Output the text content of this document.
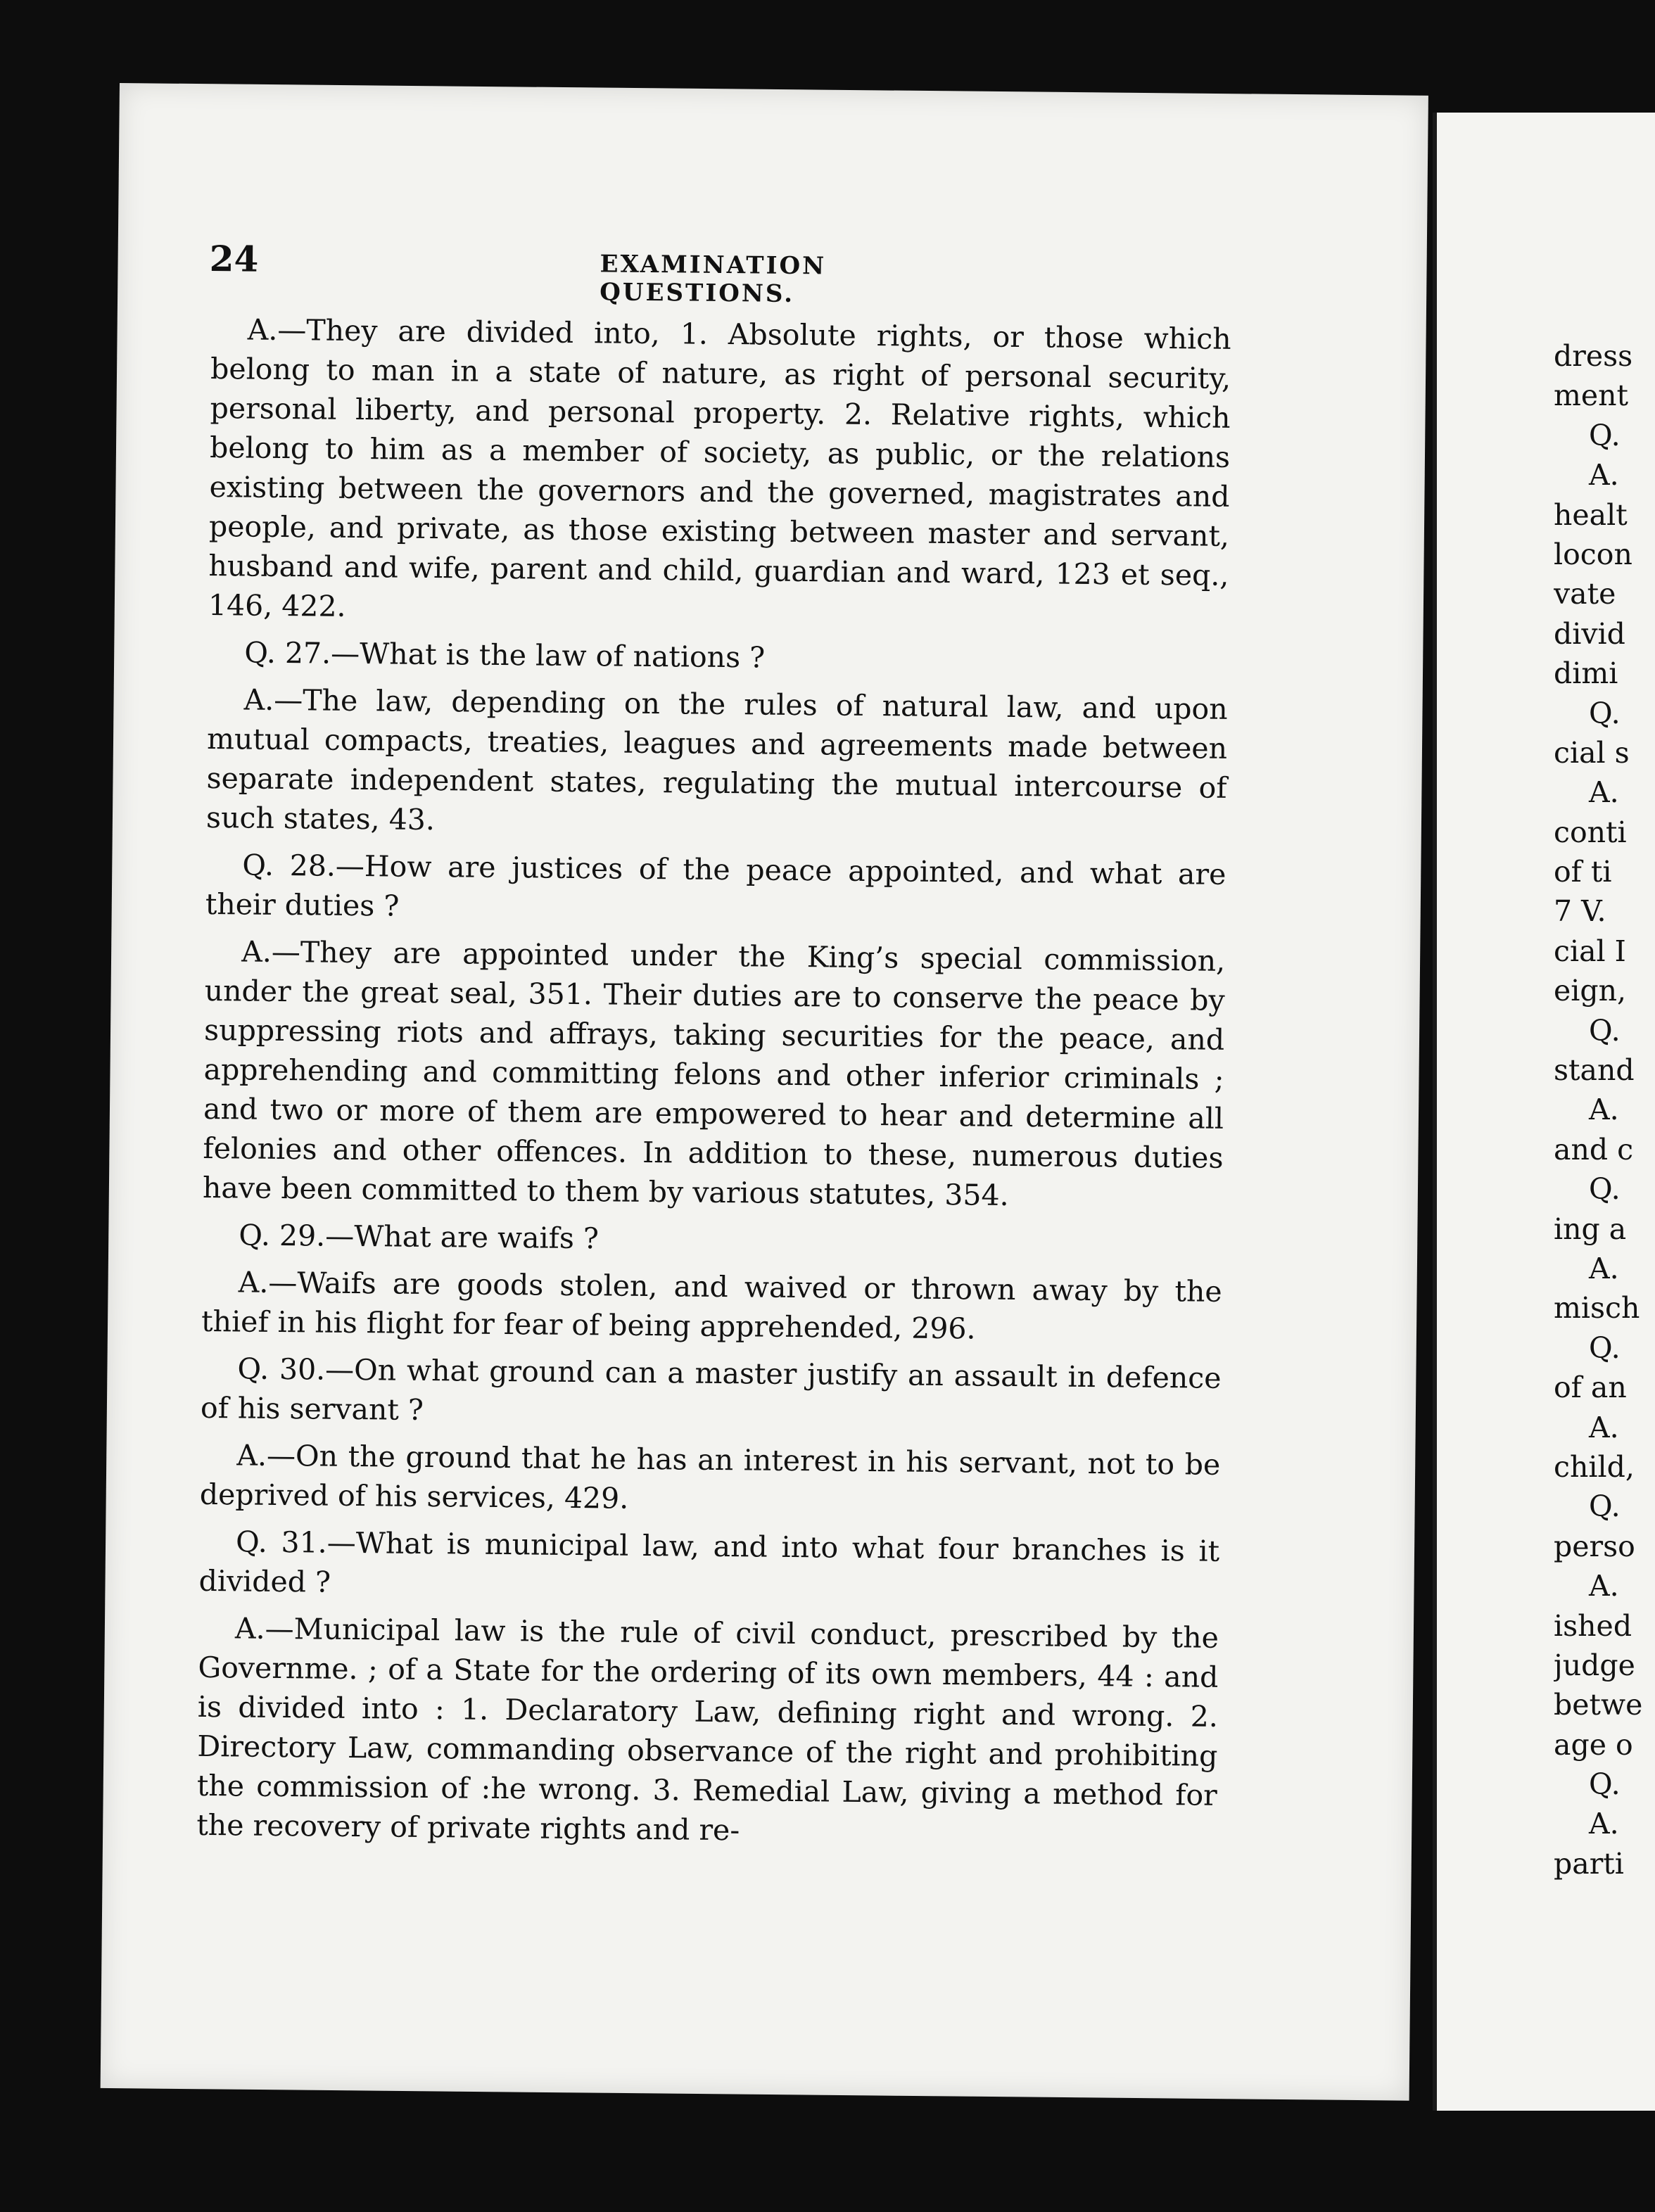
24	EXAMINATION QUESTIONS.

A.—They are divided into, 1. Absolute rights, or those which belong to man in a state of nature, as right of personal security, personal liberty, and personal property. 2. Relative rights, which belong to him as a member of society, as public, or the relations existing between the governors and the governed, magistrates and people, and private, as those existing between master and servant, husband and wife, parent and child, guardian and ward, 123 et seq., 146, 422.

Q. 27.—What is the law of nations ?

A.—The law, depending on the rules of natural law, and upon mutual compacts, treaties, leagues and agreements made between separate independent states, regulating the mutual intercourse of such states, 43.

Q. 28.—How are justices of the peace appointed, and what are their duties ?

A.—They are appointed under the King’s special commission, under the great seal, 351. Their duties are to conserve the peace by suppressing riots and affrays, taking securities for the peace, and apprehending and committing felons and other inferior criminals ; and two or more of them are empowered to hear and determine all felonies and other offences. In addition to these, numerous duties have been committed to them by various statutes, 354.

Q. 29.—What are waifs ?

A.—Waifs are goods stolen, and waived or thrown away by the thief in his flight for fear of being apprehended, 296.

Q. 30.—On what ground can a master justify an assault in defence of his servant ?

A.—On the ground that he has an interest in his servant, not to be deprived of his services, 429.

Q. 31.—What is municipal law, and into what four branches is it divided ?

A.—Municipal law is the rule of civil conduct, prescribed by the Governme. ; of a State for the ordering of its own members, 44 : and is divided into : 1. Declaratory Law, defining right and wrong. 2. Directory Law, commanding observance of the right and prohibiting the commission of :he wrong. 3. Remedial Law, giving a method for the recovery of private rights and re-

dress
ment
Q.
A.
healt
locon
vate
divid
dimi
Q.
cial s
A.
conti
of ti
7 V.
cial I
eign,
Q.
stand
A.
and c
Q.
ing a
A.
misch
Q.
of an
A.
child,
Q.
perso
A.
ished
judge
betwe
age o
Q.
A.
parti
